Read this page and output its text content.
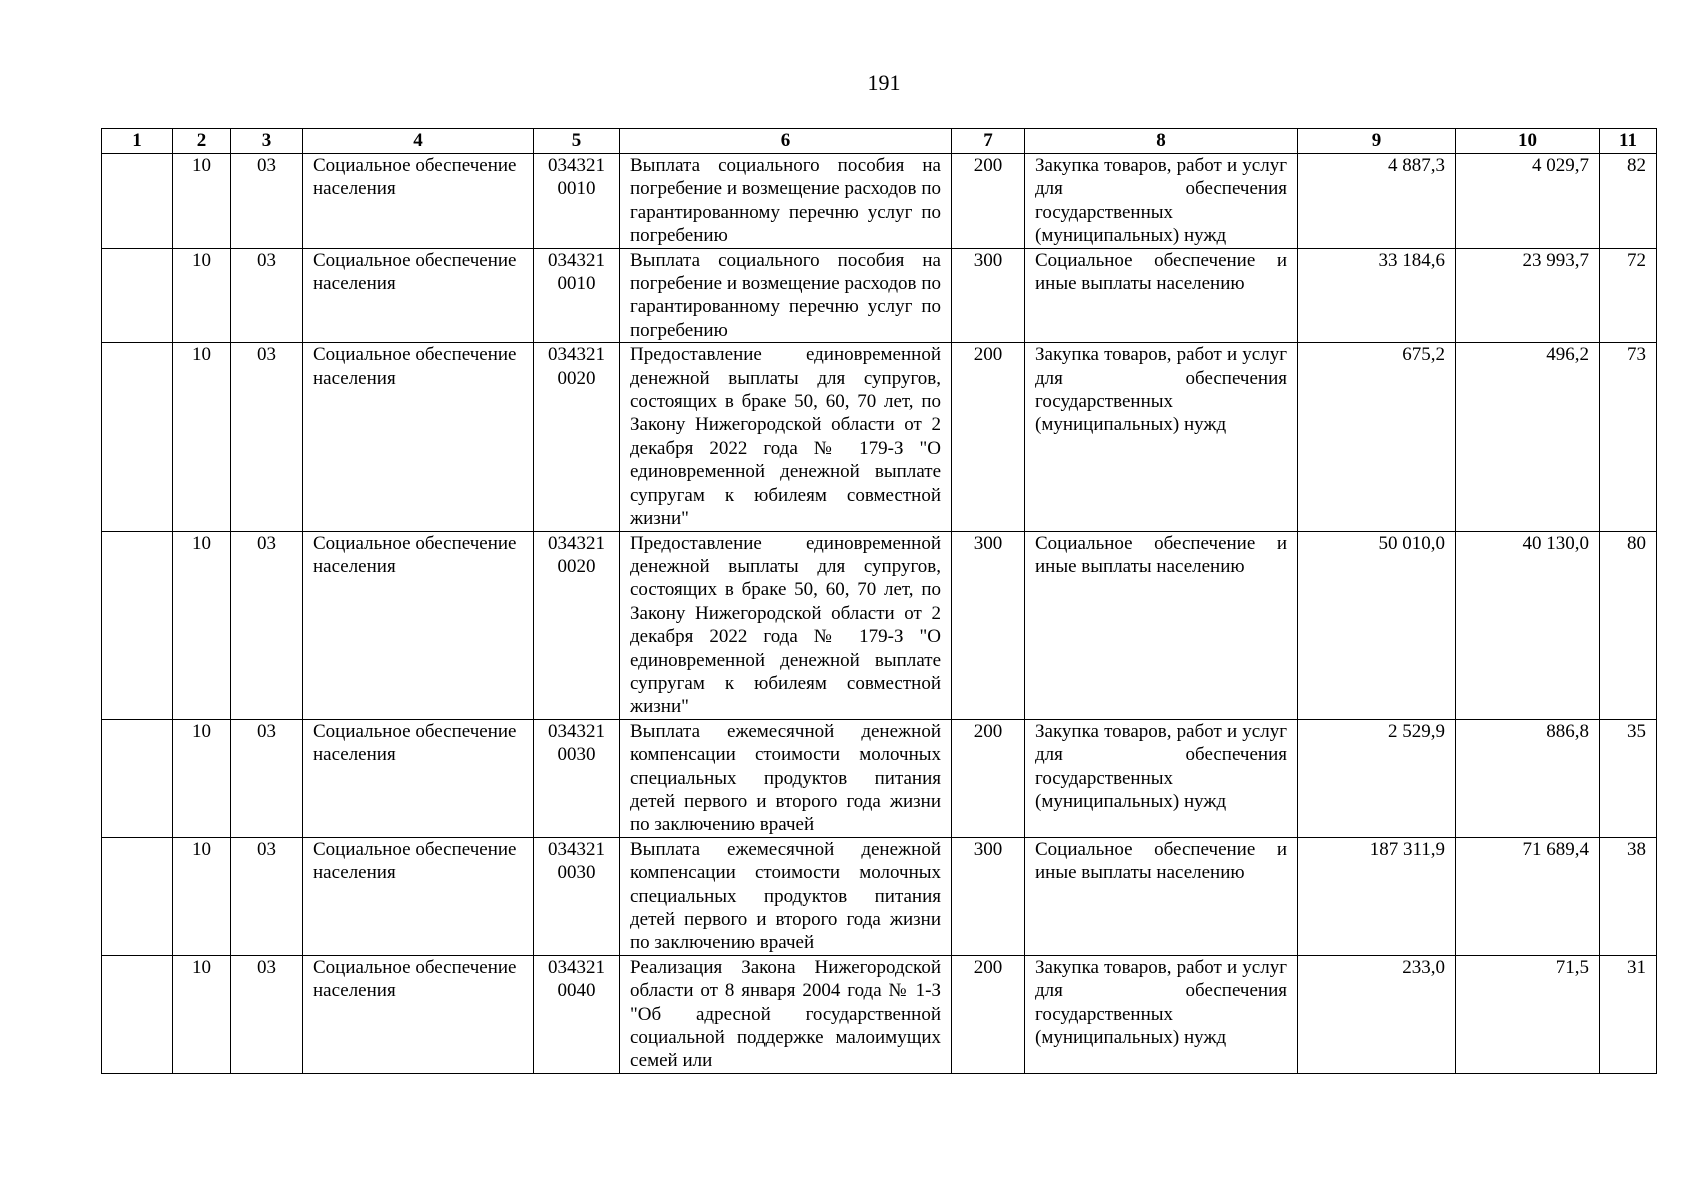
191
1	2	3	4	5	6	7	8	9	10	11
	10	03	Социальное обеспечение населения	034321 0010	Выплата социального пособия на погребение и возмещение расходов по гарантированному перечню услуг по погребению	200	Закупка товаров, работ и услуг для обеспечения государственных (муниципальных) нужд	4 887,3	4 029,7	82
	10	03	Социальное обеспечение населения	034321 0010	Выплата социального пособия на погребение и возмещение расходов по гарантированному перечню услуг по погребению	300	Социальное обеспечение и иные выплаты населению	33 184,6	23 993,7	72
	10	03	Социальное обеспечение населения	034321 0020	Предоставление единовременной денежной выплаты для супругов, состоящих в браке 50, 60, 70 лет, по Закону Нижегородской области от 2 декабря 2022 года № 179-З "О единовременной денежной выплате супругам к юбилеям совместной жизни"	200	Закупка товаров, работ и услуг для обеспечения государственных (муниципальных) нужд	675,2	496,2	73
	10	03	Социальное обеспечение населения	034321 0020	Предоставление единовременной денежной выплаты для супругов, состоящих в браке 50, 60, 70 лет, по Закону Нижегородской области от 2 декабря 2022 года № 179-З "О единовременной денежной выплате супругам к юбилеям совместной жизни"	300	Социальное обеспечение и иные выплаты населению	50 010,0	40 130,0	80
	10	03	Социальное обеспечение населения	034321 0030	Выплата ежемесячной денежной компенсации стоимости молочных специальных продуктов питания детей первого и второго года жизни по заключению врачей	200	Закупка товаров, работ и услуг для обеспечения государственных (муниципальных) нужд	2 529,9	886,8	35
	10	03	Социальное обеспечение населения	034321 0030	Выплата ежемесячной денежной компенсации стоимости молочных специальных продуктов питания детей первого и второго года жизни по заключению врачей	300	Социальное обеспечение и иные выплаты населению	187 311,9	71 689,4	38
	10	03	Социальное обеспечение населения	034321 0040	Реализация Закона Нижегородской области от 8 января 2004 года № 1-З "Об адресной государственной социальной поддержке малоимущих семей или	200	Закупка товаров, работ и услуг для обеспечения государственных (муниципальных) нужд	233,0	71,5	31
